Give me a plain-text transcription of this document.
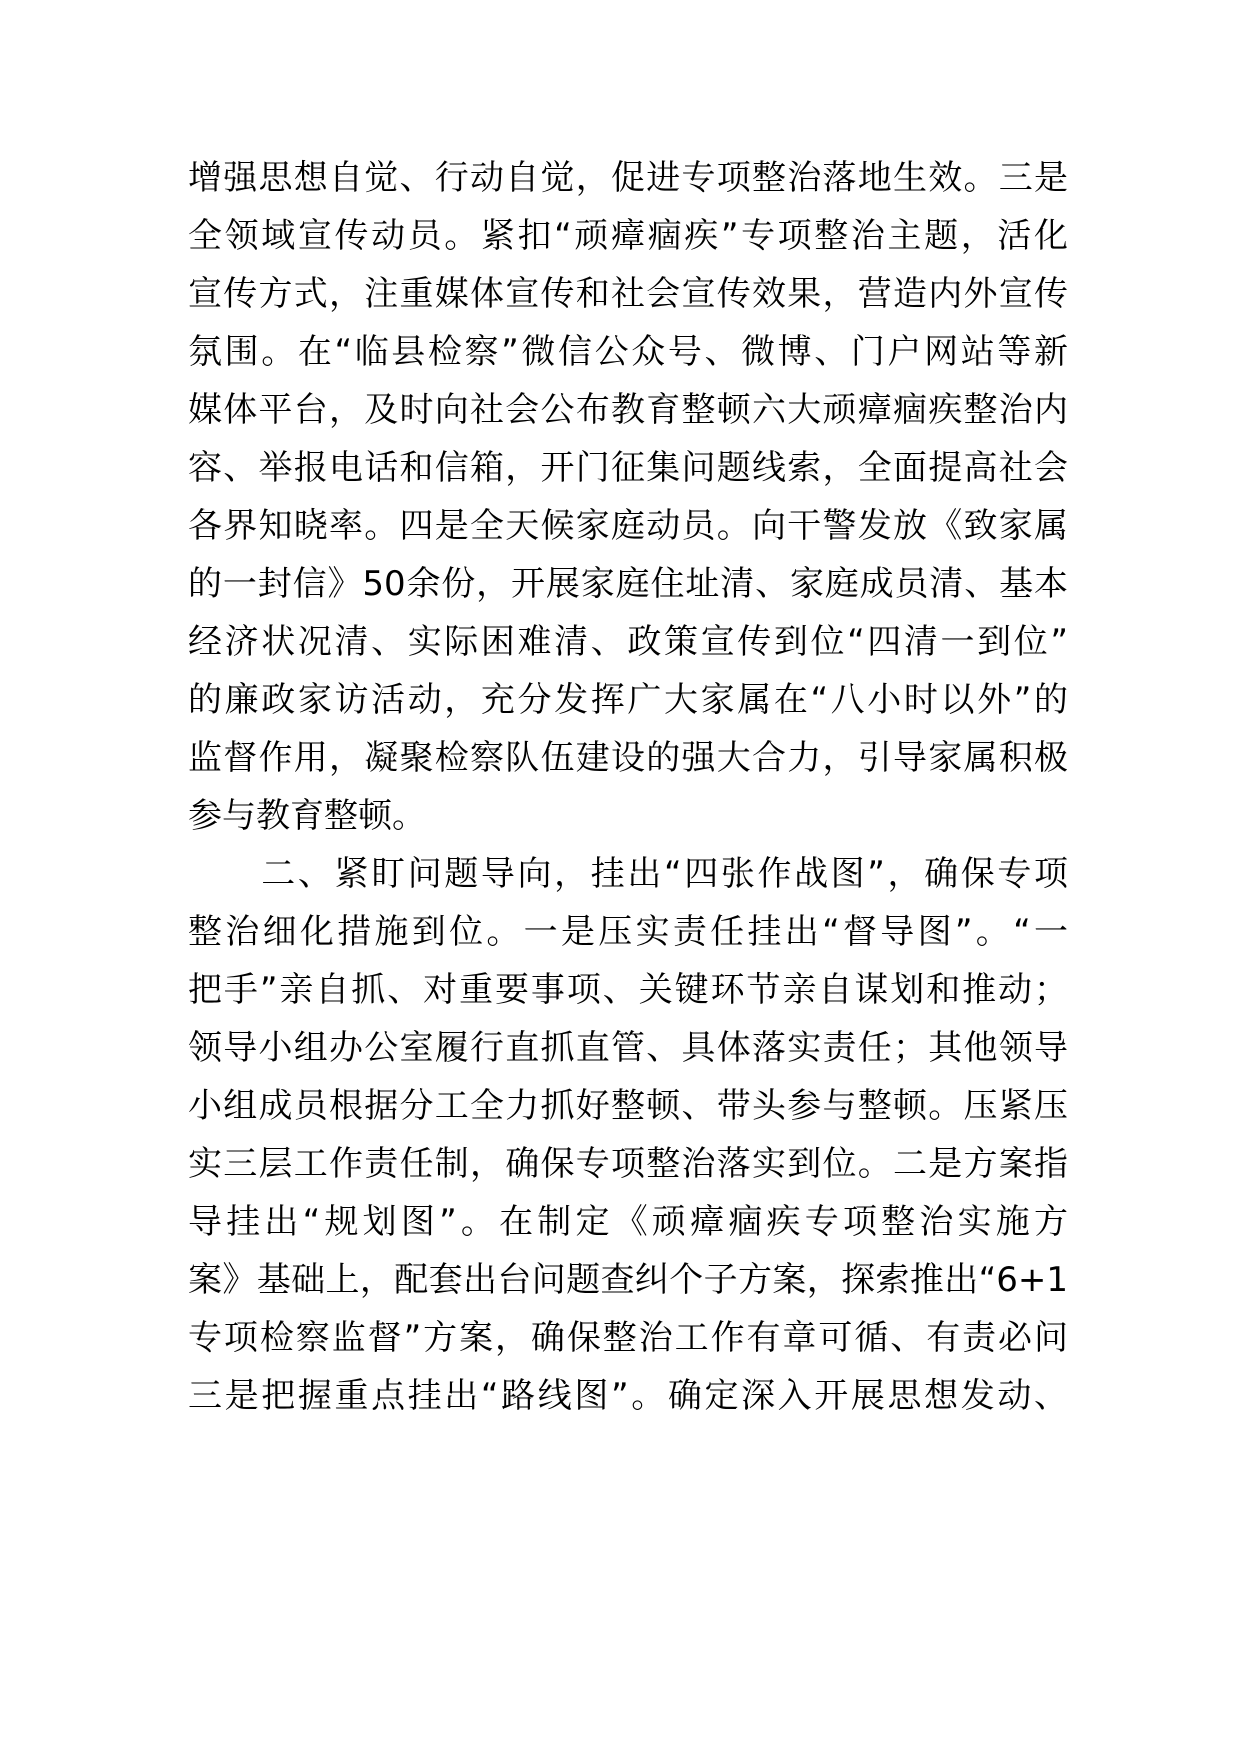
增强思想自觉、行动自觉，促进专项整治落地生效。三是
全领域宣传动员。紧扣“顽瘴痼疾”专项整治主题，活化
宣传方式，注重媒体宣传和社会宣传效果，营造内外宣传
氛围。在“临县检察”微信公众号、微博、门户网站等新
媒体平台，及时向社会公布教育整顿六大顽瘴痼疾整治内
容、举报电话和信箱，开门征集问题线索，全面提高社会
各界知晓率。四是全天候家庭动员。向干警发放《致家属
的一封信》50余份，开展家庭住址清、家庭成员清、基本
经济状况清、实际困难清、政策宣传到位“四清一到位”
的廉政家访活动，充分发挥广大家属在“八小时以外”的
监督作用，凝聚检察队伍建设的强大合力，引导家属积极
参与教育整顿。
　　二、紧盯问题导向，挂出“四张作战图”，确保专项
整治细化措施到位。一是压实责任挂出“督导图”。“一
把手”亲自抓、对重要事项、关键环节亲自谋划和推动；
领导小组办公室履行直抓直管、具体落实责任；其他领导
小组成员根据分工全力抓好整顿、带头参与整顿。压紧压
实三层工作责任制，确保专项整治落实到位。二是方案指
导挂出“规划图”。在制定《顽瘴痼疾专项整治实施方
案》基础上，配套出台问题查纠个子方案，探索推出“6+1
专项检察监督”方案，确保整治工作有章可循、有责必问
三是把握重点挂出“路线图”。确定深入开展思想发动、
